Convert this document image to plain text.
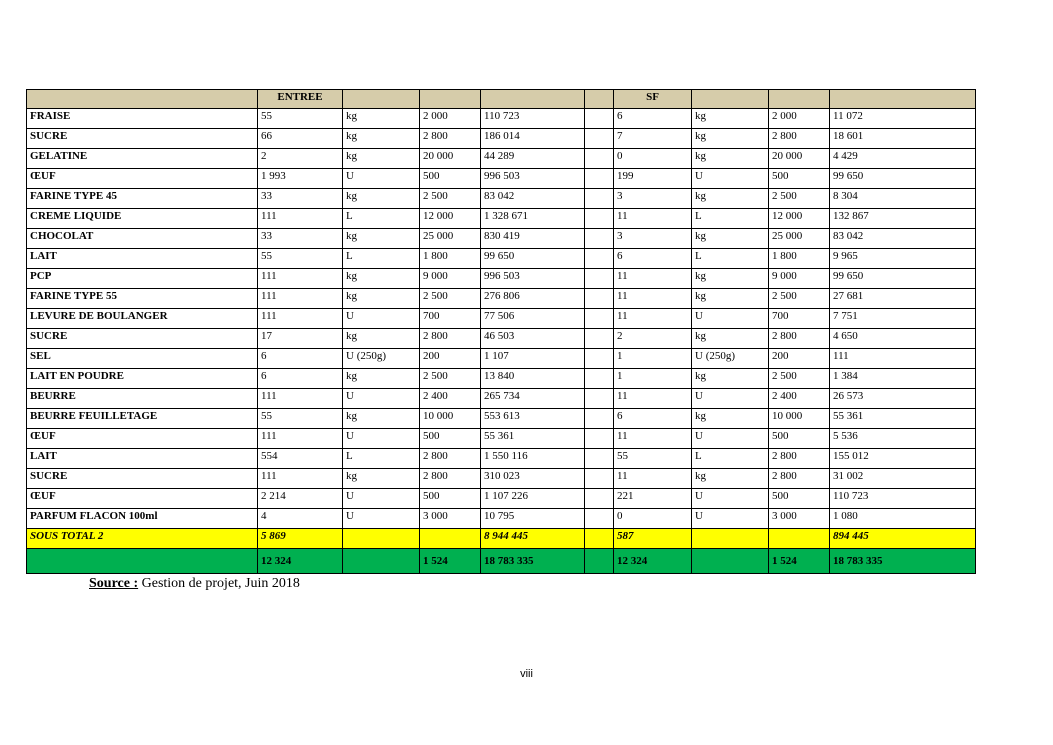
	ENTREE					SF			
FRAISE	55	kg	2 000	110 723		6	kg	2 000	11 072
SUCRE	66	kg	2 800	186 014		7	kg	2 800	18 601
GELATINE	2	kg	20 000	44 289		0	kg	20 000	4 429
ŒUF	1 993	U	500	996 503		199	U	500	99 650
FARINE TYPE 45	33	kg	2 500	83 042		3	kg	2 500	8 304
CREME LIQUIDE	111	L	12 000	1 328 671		11	L	12 000	132 867
CHOCOLAT	33	kg	25 000	830 419		3	kg	25 000	83 042
LAIT	55	L	1 800	99 650		6	L	1 800	9 965
PCP	111	kg	9 000	996 503		11	kg	9 000	99 650
FARINE TYPE 55	111	kg	2 500	276 806		11	kg	2 500	27 681
LEVURE DE BOULANGER	111	U	700	77 506		11	U	700	7 751
SUCRE	17	kg	2 800	46 503		2	kg	2 800	4 650
SEL	6	U (250g)	200	1 107		1	U (250g)	200	111
LAIT EN POUDRE	6	kg	2 500	13 840		1	kg	2 500	1 384
BEURRE	111	U	2 400	265 734		11	U	2 400	26 573
BEURRE FEUILLETAGE	55	kg	10 000	553 613		6	kg	10 000	55 361
ŒUF	111	U	500	55 361		11	U	500	5 536
LAIT	554	L	2 800	1 550 116		55	L	2 800	155 012
SUCRE	111	kg	2 800	310 023		11	kg	2 800	31 002
ŒUF	2 214	U	500	1 107 226		221	U	500	110 723
PARFUM FLACON 100ml	4	U	3 000	10 795		0	U	3 000	1 080
SOUS TOTAL 2	5 869			8 944 445		587			894 445
	12 324		1 524	18 783 335		12 324		1 524	18 783 335
Source : Gestion de projet, Juin 2018
viii
